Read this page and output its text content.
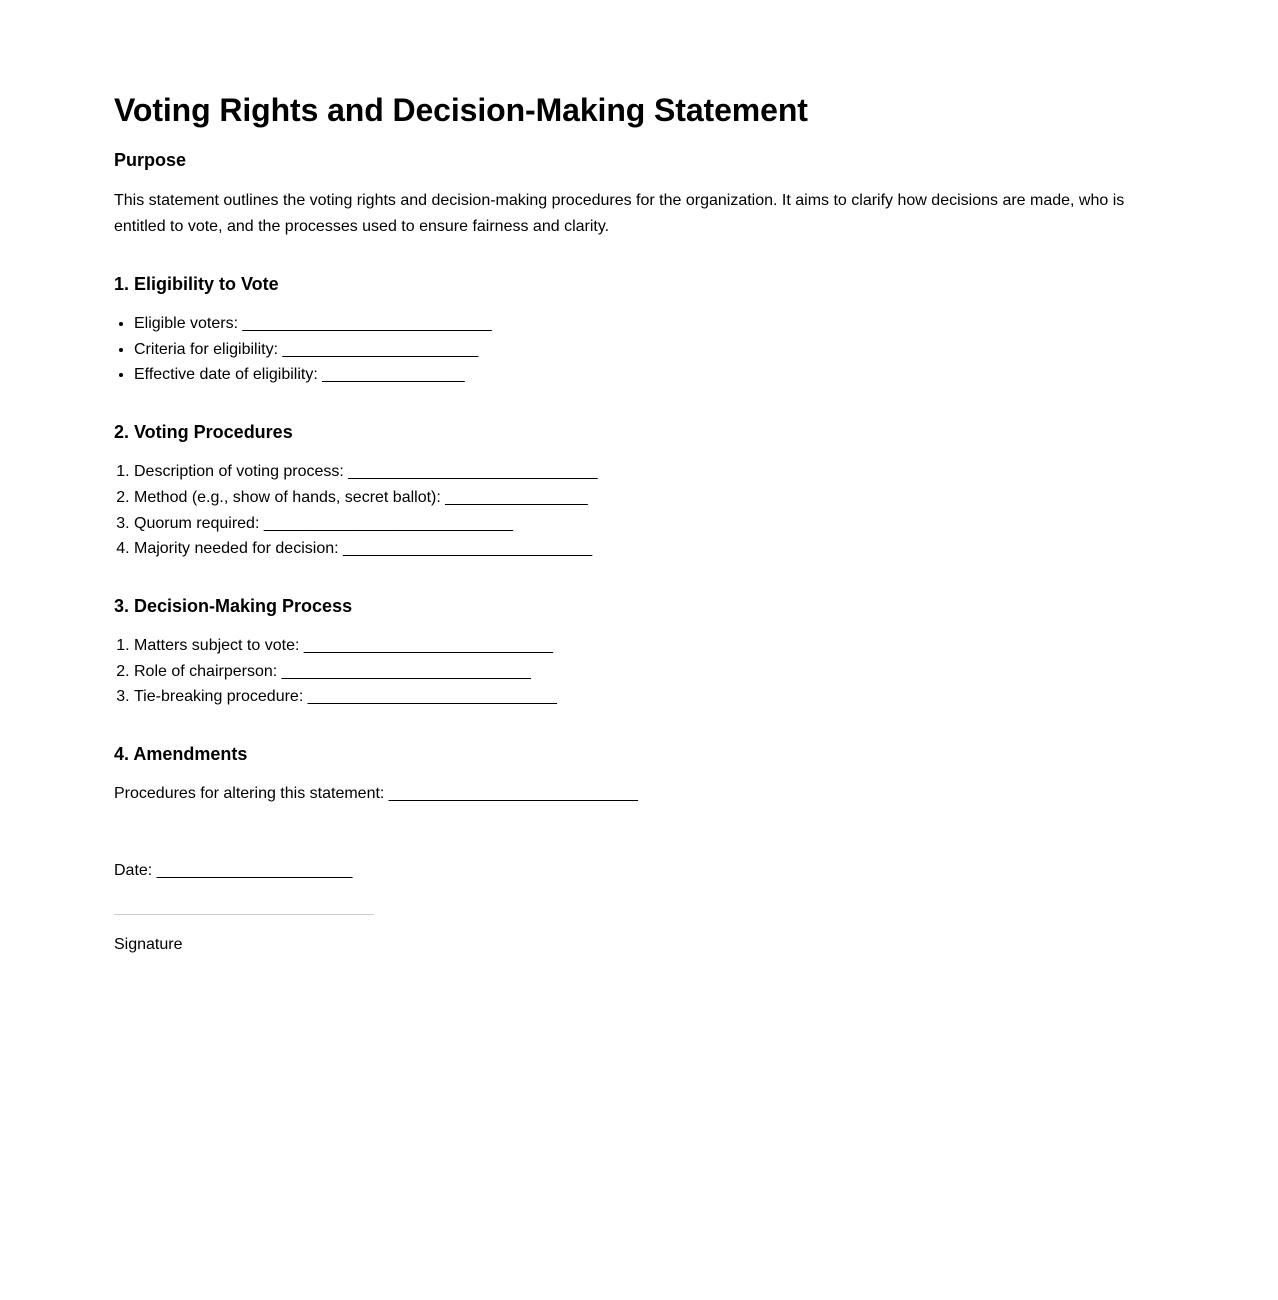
Voting Rights and Decision-Making Statement
Purpose

This statement outlines the voting rights and decision-making procedures for the organization. It aims to clarify how decisions are made, who is entitled to vote, and the processes used to ensure fairness and clarity.

1. Eligibility to Vote
• Eligible voters: ____________________________
• Criteria for eligibility: ______________________
• Effective date of eligibility: ________________
2. Voting Procedures
1. Description of voting process: ____________________________
2. Method (e.g., show of hands, secret ballot): ________________
3. Quorum required: ____________________________
4. Majority needed for decision: ____________________________
3. Decision-Making Process
1. Matters subject to vote: ____________________________
2. Role of chairperson: ____________________________
3. Tie-breaking procedure: ____________________________
4. Amendments

Procedures for altering this statement: ____________________________

Date: ______________________
Signature
